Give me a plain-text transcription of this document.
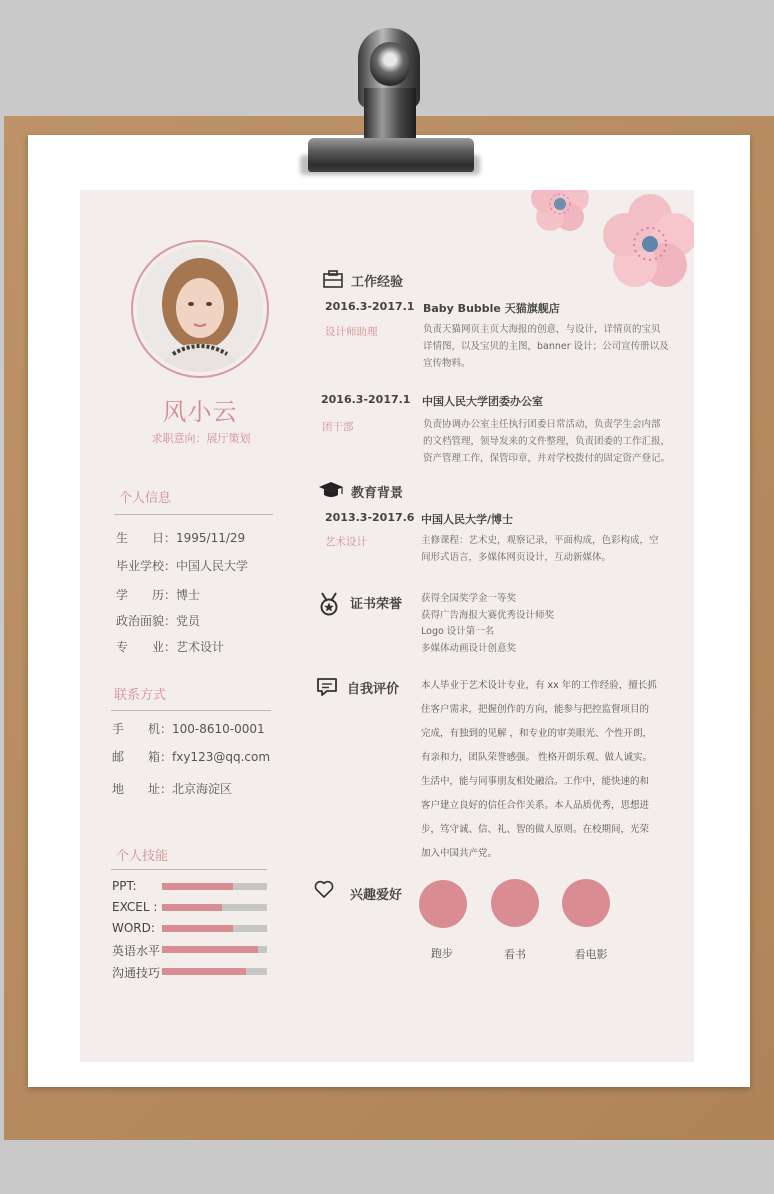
风小云
求职意向：展厅策划
个人信息
生　　日：1995/11/29
毕业学校：中国人民大学
学　　历：博士
政治面貌：党员
专　　业：艺术设计
联系方式
手　　机：100-8610-0001
邮　　箱：fxy123@qq.com
地　　址：北京海淀区
个人技能
PPT:
EXCEL :
WORD:
英语水平
沟通技巧
工作经验
2016.3-2017.1 Baby Bubble 天猫旗舰店
设计师助理	负责天猫网页主页大海报的创意，与设计，详情页的宝贝
详情图，以及宝贝的主图，banner 设计；公司宣传册以及
宣传物料。
2016.3-2017.1 中国人民大学团委办公室
团干部	负责协调办公室主任执行团委日常活动，负责学生会内部
的文档管理，领导发来的文件整理，负责团委的工作汇报，
资产管理工作，保管印章，并对学校拨付的固定资产登记。
教育背景
2013.3-2017.6 中国人民大学/博士
艺术设计	主修课程：艺术史，观察记录，平面构成，色彩构成，空
间形式语言，多媒体网页设计，互动新媒体。
证书荣誉 获得全国奖学金一等奖
获得广告海报大赛优秀设计师奖
Logo 设计第一名
多媒体动画设计创意奖
自我评价 本人毕业于艺术设计专业，有 xx 年的工作经验，擅长抓
住客户需求，把握创作的方向，能参与把控监督项目的
完成，有独到的见解 ，和专业的审美眼光、个性开朗，
有亲和力，团队荣誉感强。 性格开朗乐观、做人诚实。
生活中，能与同事朋友相处融洽。工作中，能快速的和
客户建立良好的信任合作关系。本人品质优秀，思想进
步，笃守诚、信、礼、智的做人原则。在校期间，光荣
加入中国共产党。
兴趣爱好
跑步	看书	看电影
